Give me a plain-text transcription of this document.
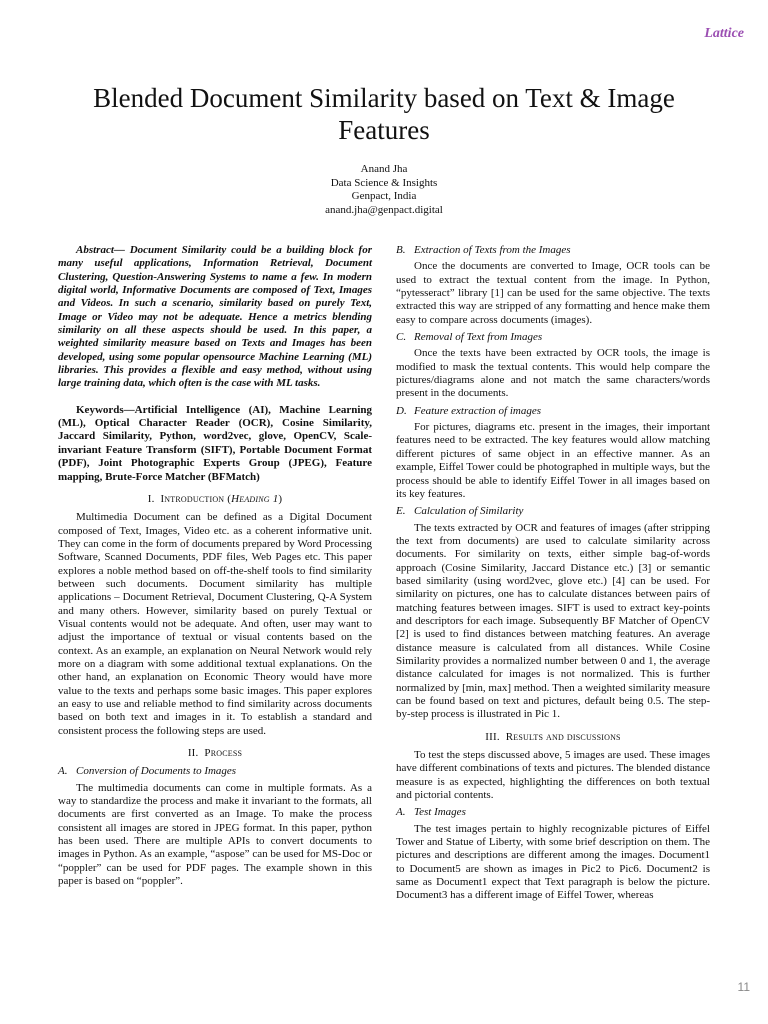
Lattice
Blended Document Similarity based on Text & Image Features
Anand Jha
Data Science & Insights
Genpact, India
anand.jha@genpact.digital

Abstract— Document Similarity could be a building block for many useful applications, Information Retrieval, Document Clustering, Question-Answering Systems to name a few. In modern digital world, Informative Documents are composed of Text, Images and Videos. In such a scenario, similarity based on purely Text, Image or Video may not be adequate. Hence a metrics blending similarity on all these aspects should be used. In this paper, a weighted similarity measure based on Texts and Images has been developed, using some popular opensource Machine Learning (ML) libraries. This provides a flexible and easy method, without using large training data, which often is the case with ML tasks.

Keywords—Artificial Intelligence (AI), Machine Learning (ML), Optical Character Reader (OCR), Cosine Similarity, Jaccard Similarity, Python, word2vec, glove, OpenCV, Scale-invariant Feature Transform (SIFT), Portable Document Format (PDF), Joint Photographic Experts Group (JPEG), Feature mapping, Brute-Force Matcher (BFMatch)

I. Introduction (Heading 1)

Multimedia Document can be defined as a Digital Document composed of Text, Images, Video etc. as a coherent informative unit. They can come in the form of documents prepared by Word Processing Software, Scanned Documents, PDF files, Web Pages etc. This paper explores a noble method based on off-the-shelf tools to find similarity between such documents. Document similarity has multiple applications – Document Retrieval, Document Clustering, Q-A System and many others. However, similarity based on purely Textual or Visual contents would not be adequate. And often, user may want to adjust the importance of textual or visual contents based on the context. As an example, an explanation on Neural Network would rely more on a diagram with some additional textual explanations. On the other hand, an explanation on Economic Theory would have more value to the texts and perhaps some basic images. This paper explores an easy to use and reliable method to find similarity across documents based on both text and images in it. To establish a standard and consistent process the following steps are used.

II. Process
A. Conversion of Documents to Images

The multimedia documents can come in multiple formats. As a way to standardize the process and make it invariant to the formats, all documents are first converted as an Image. To make the process consistent all images are stored in JPEG format. In this paper, python has been used. There are multiple APIs to convert documents to images in Python. As an example, “aspose” can be used for MS-Doc or “poppler” can be used for PDF pages. The example shown in this paper is based on “poppler”.

B. Extraction of Texts from the Images

Once the documents are converted to Image, OCR tools can be used to extract the textual content from the image. In Python, “pytesseract” library [1] can be used for the same objective. The texts extracted this way are stripped of any formatting and hence make them easy to compare across documents (images).

C. Removal of Text from Images

Once the texts have been extracted by OCR tools, the image is modified to mask the textual contents. This would help compare the pictures/diagrams alone and not match the same characters/words present in the documents.

D. Feature extraction of images

For pictures, diagrams etc. present in the images, their important features need to be extracted. The key features would allow matching different pictures of same object in an effective manner. As an example, Eiffel Tower could be photographed in multiple ways, but the process should be able to identify Eiffel Tower in all images based on its key features.

E. Calculation of Similarity

The texts extracted by OCR and features of images (after stripping the text from documents) are used to calculate similarity across documents. For similarity on texts, either simple bag-of-words approach (Cosine Similarity, Jaccard Distance etc.) [3] or semantic based similarity (using word2vec, glove etc.) [4] can be used. For similarity on pictures, one has to calculate distances between pairs of matching features between images. SIFT is used to extract key-points and descriptors for each image. Subsequently BF Matcher of OpenCV [2] is used to find distances between matching features. An average distance measure is calculated from all distances. While Cosine Similarity provides a normalized number between 0 and 1, the average distance calculated for images is not normalized. This is further normalized by [min, max] method. Then a weighted similarity measure can be found based on text and pictures, default being 0.5. The step-by-step process is illustrated in Pic 1.

III. Results and discussions

To test the steps discussed above, 5 images are used. These images have different combinations of texts and pictures. The blended distance measure is as expected, highlighting the differences on both textual and pictorial contents.

A. Test Images

The test images pertain to highly recognizable pictures of Eiffel Tower and Statue of Liberty, with some brief description on them. The pictures and descriptions are different among the images. Document1 to Document5 are shown as images in Pic2 to Pic6. Document2 is same as Document1 expect that Text paragraph is below the picture. Document3 has a different image of Eiffel Tower, whereas

11
